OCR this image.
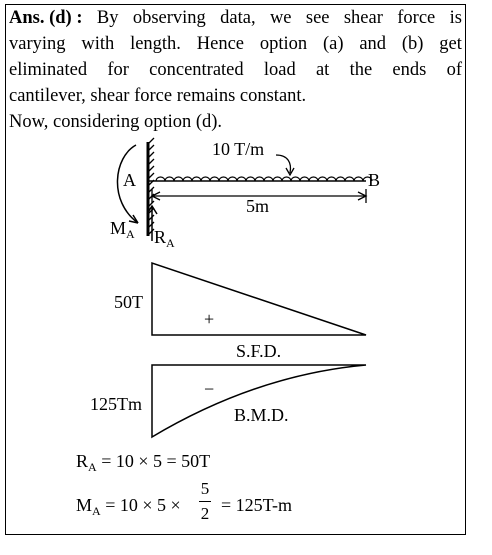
Ans. (d) : By observing data, we see shear force is
varying with length. Hence option (a) and (b) get
eliminated for concentrated load at the ends of
cantilever, shear force remains constant.
Now, considering option (d).
10 T/m
A	B
5m
$M_A$ $R_A$
50T
+
S.F.D.
125Tm
−
B.M.D.
$R_A = 10 \times 5 = 50T$
$M_A = 10 \times 5$ ×
5
2 = 125T-m
